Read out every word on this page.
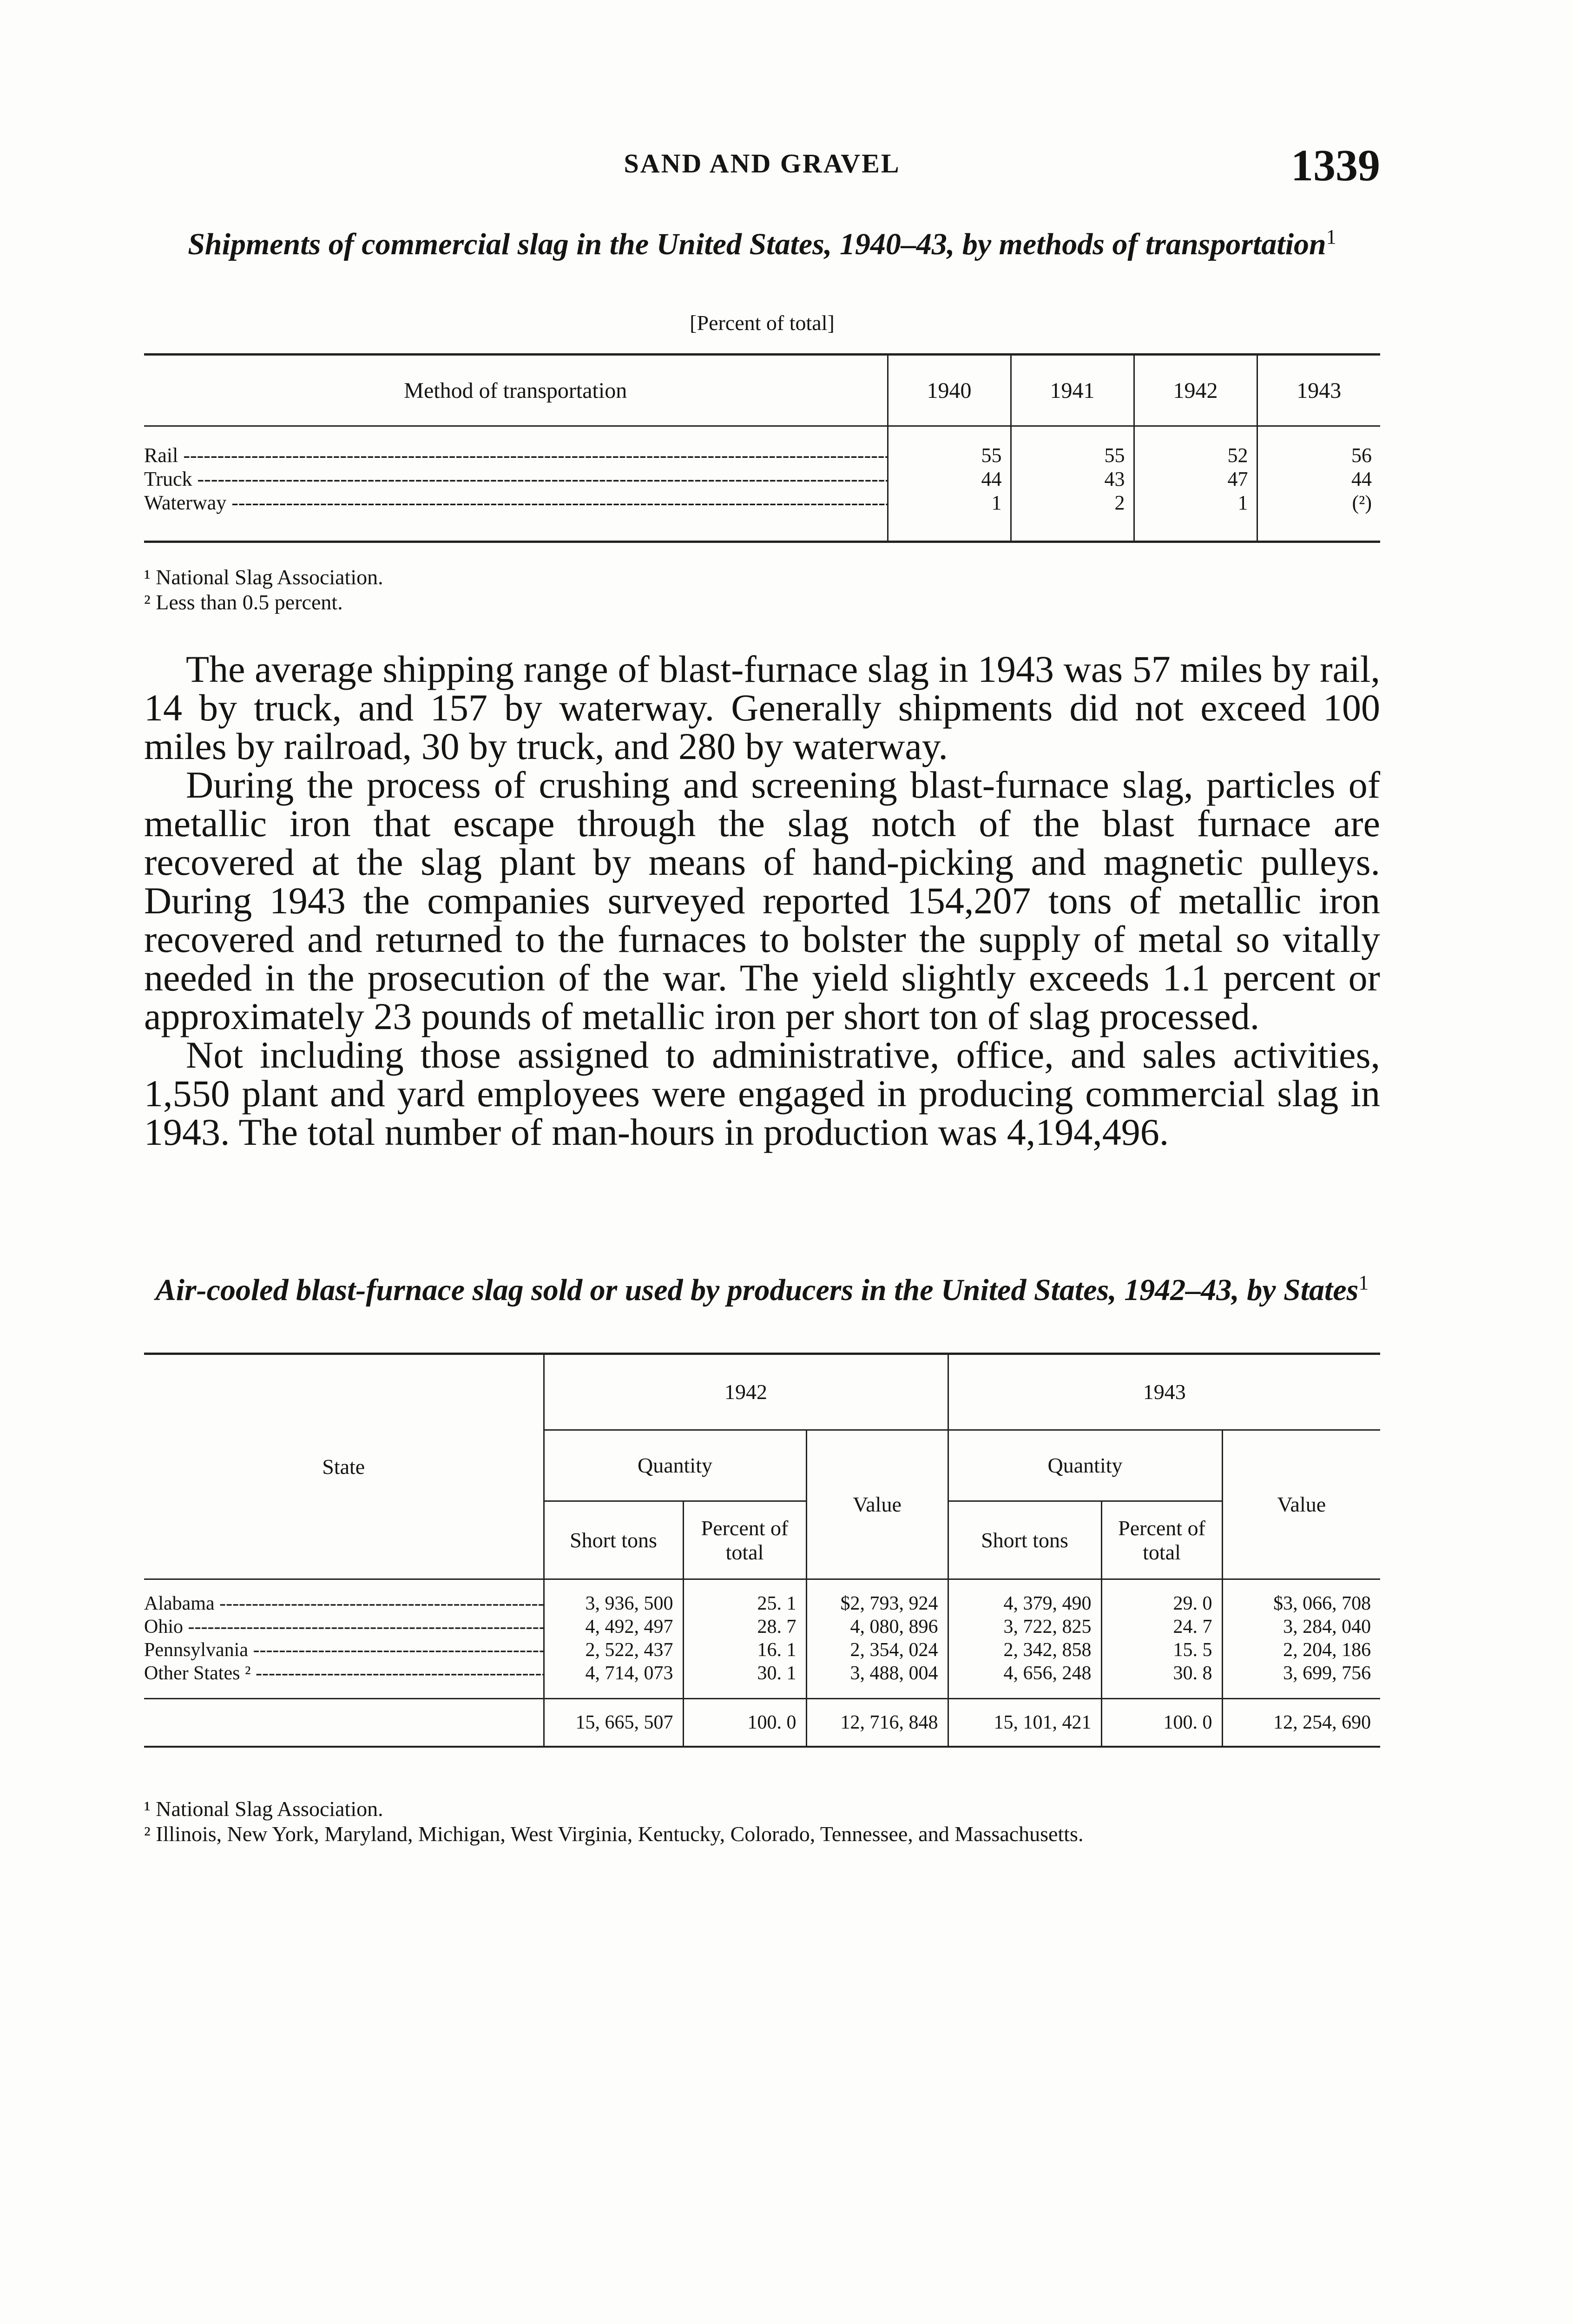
SAND AND GRAVEL	1339
Shipments of commercial slag in the United States, 1940–43, by methods of transportation$^1$
[Percent of total]
Method of transportation	1940	1941	1942	1943

Rail -----	55	55	52	56

Truck -----	44	43	47	44

Waterway -----	1	2	1	(²)
¹ National Slag Association.
² Less than 0.5 percent.

The average shipping range of blast-furnace slag in 1943 was 57 miles by rail, 14 by truck, and 157 by waterway. Generally shipments did not exceed 100 miles by railroad, 30 by truck, and 280 by waterway.

During the process of crushing and screening blast-furnace slag, particles of metallic iron that escape through the slag notch of the blast furnace are recovered at the slag plant by means of hand-picking and magnetic pulleys. During 1943 the companies surveyed reported 154,207 tons of metallic iron recovered and returned to the furnaces to bolster the supply of metal so vitally needed in the prosecution of the war. The yield slightly exceeds 1.1 percent or approximately 23 pounds of metallic iron per short ton of slag processed.

Not including those assigned to administrative, office, and sales activities, 1,550 plant and yard employees were engaged in producing commercial slag in 1943. The total number of man-hours in production was 4,194,496.

Air-cooled blast-furnace slag sold or used by producers in the United States, 1942–43, by States$^1$
State	1942			1943		
	Quantity		Value	Quantity		Value
	Short tons	Percent of total		Short tons	Percent of total	

Alabama -----	3, 936, 500	25. 1	$2, 793, 924	4, 379, 490	29. 0	$3, 066, 708

Ohio -----	4, 492, 497	28. 7	4, 080, 896	3, 722, 825	24. 7	3, 284, 040

Pennsylvania -----	2, 522, 437	16. 1	2, 354, 024	2, 342, 858	15. 5	2, 204, 186

Other States ² -----	4, 714, 073	30. 1	3, 488, 004	4, 656, 248	30. 8	3, 699, 756
	15, 665, 507	100. 0	12, 716, 848	15, 101, 421	100. 0	12, 254, 690
¹ National Slag Association.
² Illinois, New York, Maryland, Michigan, West Virginia, Kentucky, Colorado, Tennessee, and Massachusetts.
